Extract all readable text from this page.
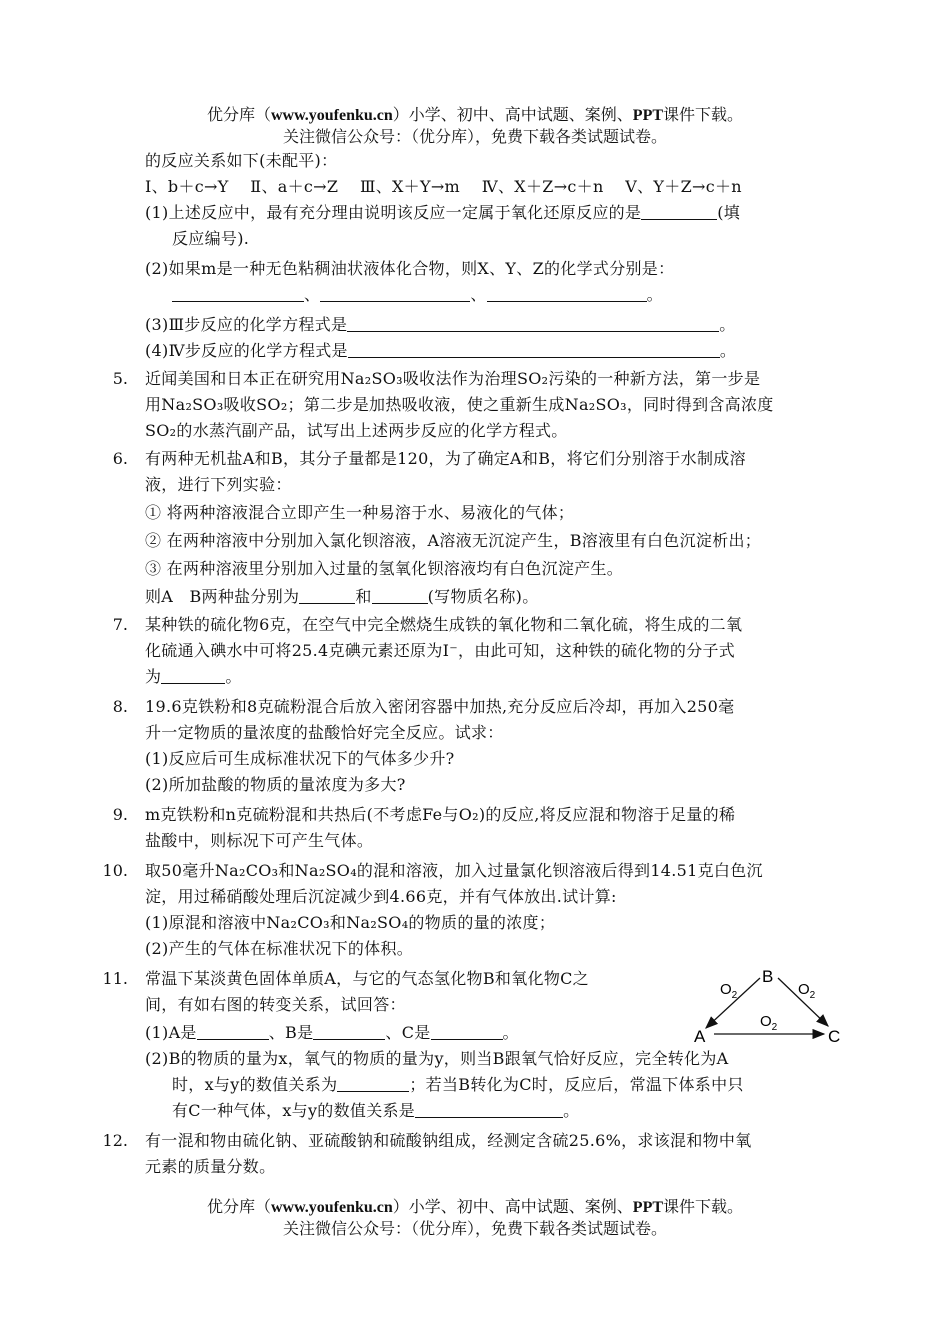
优分库（www.youfenku.cn）小学、初中、高中试题、案例、PPT课件下载。
关注微信公众号：（优分库），免费下载各类试题试卷。
的反应关系如下(未配平)：
Ⅰ、b＋c→Y　 Ⅱ、a＋c→Z　 Ⅲ、X＋Y→m　 Ⅳ、X＋Z→c＋n　 Ⅴ、Y＋Z→c＋n
(1)上述反应中，最有充分理由说明该反应一定属于氧化还原反应的是	(填
反应编号).
(2)如果m是一种无色粘稠油状液体化合物，则X、Y、Z的化学式分别是：
、	、	。
(3)Ⅲ步反应的化学方程式是	。
(4)Ⅳ步反应的化学方程式是	。
5. 近闻美国和日本正在研究用Na₂SO₃吸收法作为治理SO₂污染的一种新方法，第一步是
用Na₂SO₃吸收SO₂；第二步是加热吸收液，使之重新生成Na₂SO₃，同时得到含高浓度
SO₂的水蒸汽副产品，试写出上述两步反应的化学方程式。
6. 有两种无机盐A和B，其分子量都是120，为了确定A和B，将它们分别溶于水制成溶
液，进行下列实验：
① 将两种溶液混合立即产生一种易溶于水、易液化的气体；
② 在两种溶液中分别加入氯化钡溶液，A溶液无沉淀产生，B溶液里有白色沉淀析出；
③ 在两种溶液里分别加入过量的氢氧化钡溶液均有白色沉淀产生。
则A　B两种盐分别为	和	(写物质名称)。
7. 某种铁的硫化物6克，在空气中完全燃烧生成铁的氧化物和二氧化硫，将生成的二氧
化硫通入碘水中可将25.4克碘元素还原为I⁻，由此可知，这种铁的硫化物的分子式
为	。
8. 19.6克铁粉和8克硫粉混合后放入密闭容器中加热,充分反应后冷却，再加入250毫
升一定物质的量浓度的盐酸恰好完全反应。试求：
(1)反应后可生成标准状况下的气体多少升?
(2)所加盐酸的物质的量浓度为多大?
9. m克铁粉和n克硫粉混和共热后(不考虑Fe与O₂)的反应,将反应混和物溶于足量的稀
盐酸中，则标况下可产生气体。
10. 取50毫升Na₂CO₃和Na₂SO₄的混和溶液，加入过量氯化钡溶液后得到14.51克白色沉
淀，用过稀硝酸处理后沉淀减少到4.66克，并有气体放出.试计算:
(1)原混和溶液中Na₂CO₃和Na₂SO₄的物质的量的浓度；
(2)产生的气体在标准状况下的体积。
11. 常温下某淡黄色固体单质A，与它的气态氢化物B和氧化物C之
间，有如右图的转变关系，试回答：
(1)A是	、B是	、C是	。
(2)B的物质的量为x，氧气的物质的量为y，则当B跟氧气恰好反应，完全转化为A
时，x与y的数值关系为	；若当B转化为C时，反应后，常温下体系中只
有C一种气体，x与y的数值关系是	。
B
A	C
$O_2$	$O_2$
$O_2$
12. 有一混和物由硫化钠、亚硫酸钠和硫酸钠组成，经测定含硫25.6%，求该混和物中氧
元素的质量分数。
优分库（www.youfenku.cn）小学、初中、高中试题、案例、PPT课件下载。
关注微信公众号：（优分库），免费下载各类试题试卷。
